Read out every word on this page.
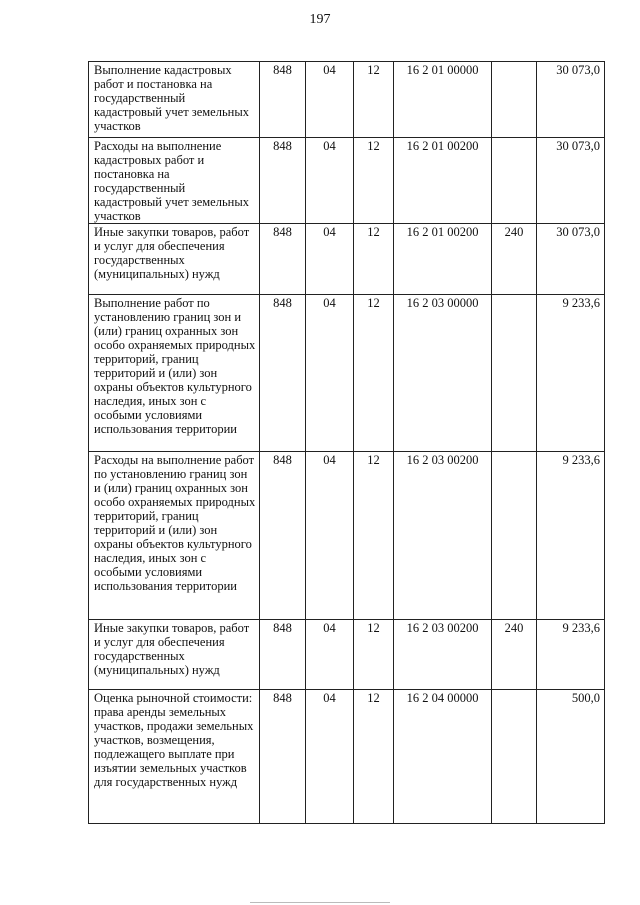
197
Выполнение кадастровых работ и постановка на государственный кадастровый учет земельных участков	848	04	12	16 2 01 00000		30 073,0
Расходы на выполнение кадастровых работ и постановка на государственный кадастровый учет земельных участков	848	04	12	16 2 01 00200		30 073,0
Иные закупки товаров, работ и услуг для обеспечения государственных (муниципальных) нужд	848	04	12	16 2 01 00200	240	30 073,0
Выполнение работ по установлению границ зон и (или) границ охранных зон особо охраняемых природных территорий, границ территорий и (или) зон охраны объектов культурного наследия, иных зон с особыми условиями использования территории	848	04	12	16 2 03 00000		9 233,6
Расходы на выполнение работ по установлению границ зон и (или) границ охранных зон особо охраняемых природных территорий, границ территорий и (или) зон охраны объектов культурного наследия, иных зон с особыми условиями использования территории	848	04	12	16 2 03 00200		9 233,6
Иные закупки товаров, работ и услуг для обеспечения государственных (муниципальных) нужд	848	04	12	16 2 03 00200	240	9 233,6
Оценка рыночной стоимости: права аренды земельных участков, продажи земельных участков, возмещения, подлежащего выплате при изъятии земельных участков для государственных нужд	848	04	12	16 2 04 00000		500,0
